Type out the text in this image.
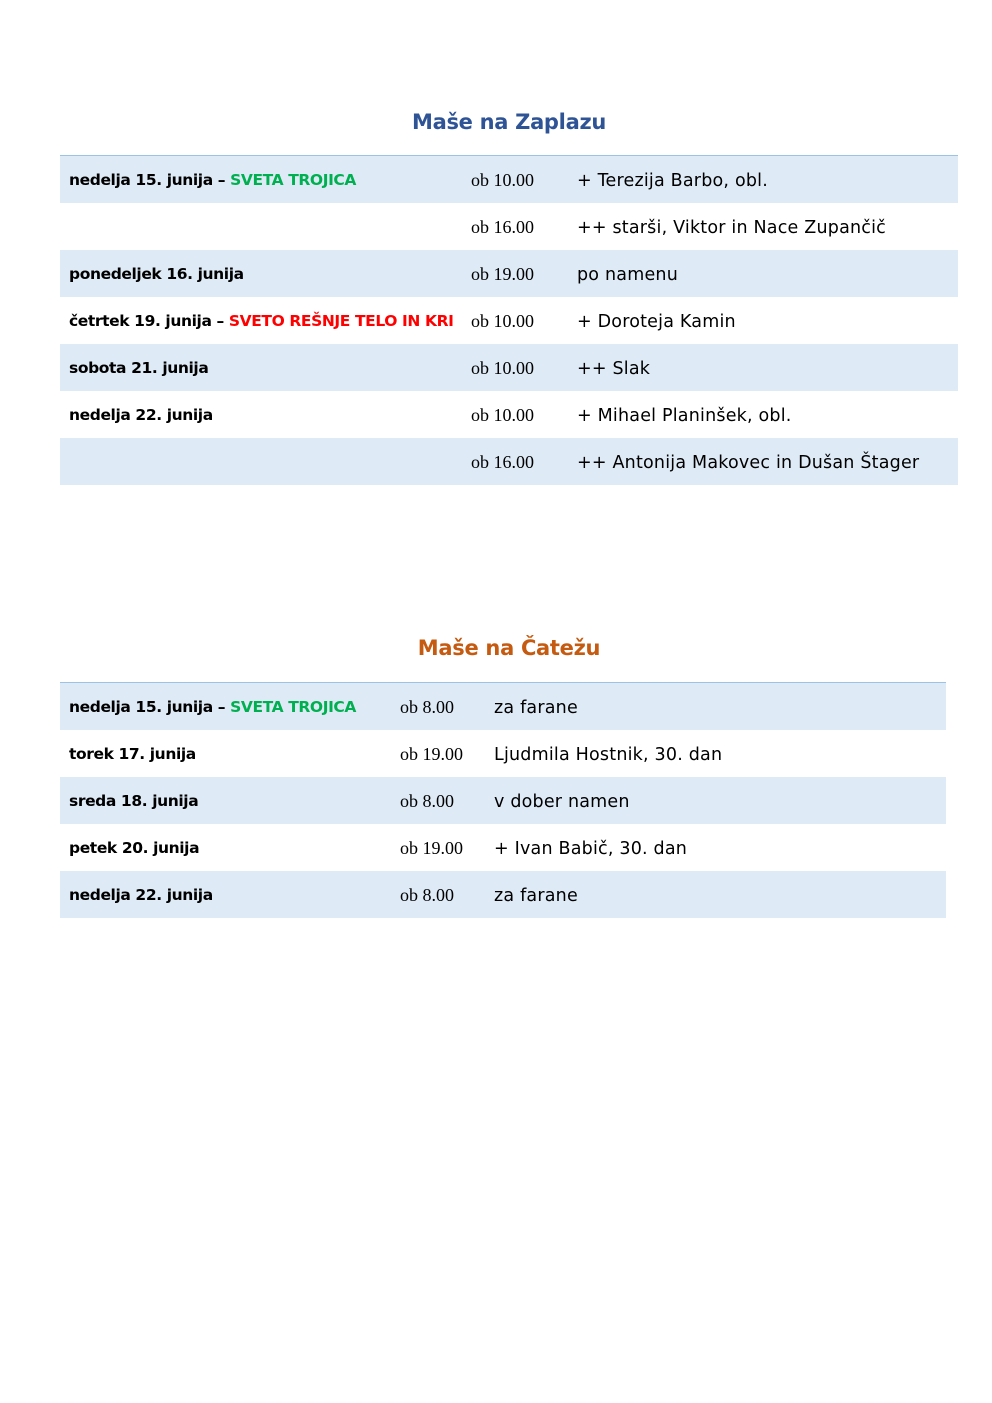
Maše na Zaplazu
nedelja 15. junija – SVETA TROJICA	ob 10.00 + Terezija Barbo, obl.
ob 16.00 ++ starši, Viktor in Nace Zupančič
ponedeljek 16. junija	ob 19.00 po namenu
četrtek 19. junija – SVETO REŠNJE TELO IN KRI ob 10.00 + Doroteja Kamin
sobota 21. junija	ob 10.00 ++ Slak
nedelja 22. junija	ob 10.00 + Mihael Planinšek, obl.
ob 16.00 ++ Antonija Makovec in Dušan Štager
Maše na Čatežu
nedelja 15. junija – SVETA TROJICA ob 8.00 za farane
torek 17. junija	ob 19.00 Ljudmila Hostnik, 30. dan
sreda 18. junija	ob 8.00 v dober namen
petek 20. junija	ob 19.00 + Ivan Babič, 30. dan
nedelja 22. junija	ob 8.00 za farane
